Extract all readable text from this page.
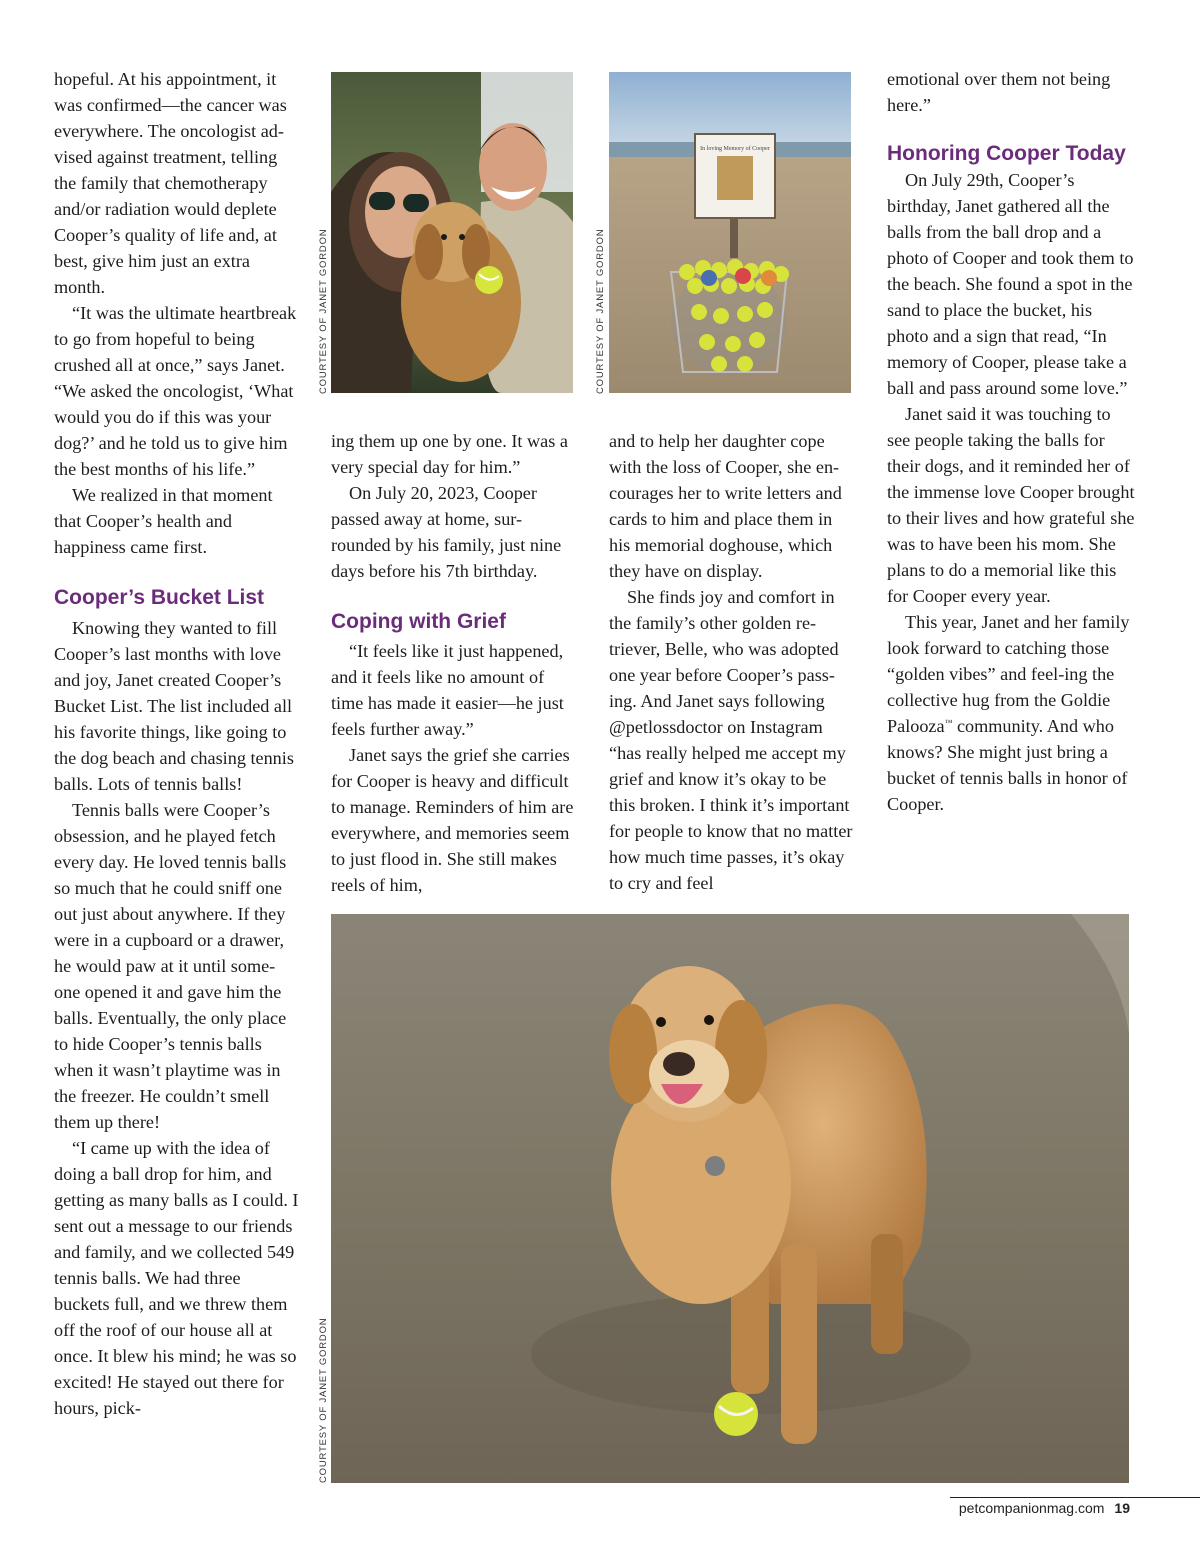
hopeful. At his appointment, it was confirmed—the cancer was everywhere. The oncologist ad-vised against treatment, telling the family that chemotherapy and/or radiation would deplete Cooper’s quality of life and, at best, give him just an extra month.

“It was the ultimate heartbreak to go from hopeful to being crushed all at once,” says Janet. “We asked the oncologist, ‘What would you do if this was your dog?’ and he told us to give him the best months of his life.”

We realized in that moment that Cooper’s health and happiness came first.

Cooper’s Bucket List

Knowing they wanted to fill Cooper’s last months with love and joy, Janet created Cooper’s Bucket List. The list included all his favorite things, like going to the dog beach and chasing tennis balls. Lots of tennis balls!

Tennis balls were Cooper’s obsession, and he played fetch every day. He loved tennis balls so much that he could sniff one out just about anywhere. If they were in a cupboard or a drawer, he would paw at it until some-one opened it and gave him the balls. Eventually, the only place to hide Cooper’s tennis balls when it wasn’t playtime was in the freezer. He couldn’t smell them up there!

“I came up with the idea of doing a ball drop for him, and getting as many balls as I could. I sent out a message to our friends and family, and we collected 549 tennis balls. We had three buckets full, and we threw them off the roof of our house all at once. It blew his mind; he was so excited! He stayed out there for hours, pick-

COURTESY OF JANET GORDON
In loving Memory of Cooper
COURTESY OF JANET GORDON

ing them up one by one. It was a very special day for him.”

On July 20, 2023, Cooper passed away at home, sur-rounded by his family, just nine days before his 7th birthday.

Coping with Grief

“It feels like it just happened, and it feels like no amount of time has made it easier—he just feels further away.”

Janet says the grief she carries for Cooper is heavy and difficult to manage. Reminders of him are everywhere, and memories seem to just flood in. She still makes reels of him,

and to help her daughter cope with the loss of Cooper, she en-courages her to write letters and cards to him and place them in his memorial doghouse, which they have on display.

She finds joy and comfort in the family’s other golden re-triever, Belle, who was adopted one year before Cooper’s pass-ing. And Janet says following @petlossdoctor on Instagram “has really helped me accept my grief and know it’s okay to be this broken. I think it’s important for people to know that no matter how much time passes, it’s okay to cry and feel

emotional over them not being here.”

Honoring Cooper Today

On July 29th, Cooper’s birthday, Janet gathered all the balls from the ball drop and a photo of Cooper and took them to the beach. She found a spot in the sand to place the bucket, his photo and a sign that read, “In memory of Cooper, please take a ball and pass around some love.”

Janet said it was touching to see people taking the balls for their dogs, and it reminded her of the immense love Cooper brought to their lives and how grateful she was to have been his mom. She plans to do a memorial like this for Cooper every year.

This year, Janet and her family look forward to catching those “golden vibes” and feel-ing the collective hug from the Goldie Palooza™ community. And who knows? She might just bring a bucket of tennis balls in honor of Cooper.

COURTESY OF JANET GORDON
petcompanionmag.com 19
